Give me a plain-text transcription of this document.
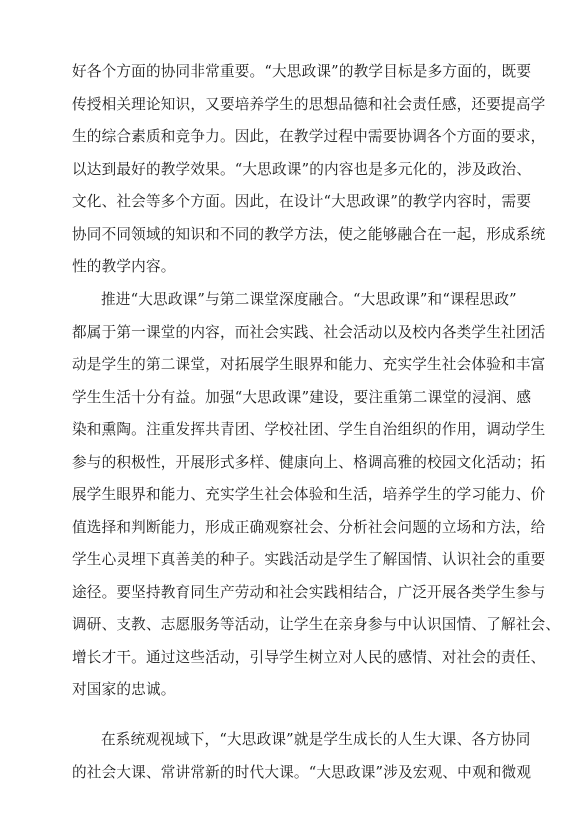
好各个方面的协同非常重要。“大思政课”的教学目标是多方面的，既要
传授相关理论知识，又要培养学生的思想品德和社会责任感，还要提高学
生的综合素质和竞争力。因此，在教学过程中需要协调各个方面的要求，
以达到最好的教学效果。“大思政课”的内容也是多元化的，涉及政治、
文化、社会等多个方面。因此，在设计“大思政课”的教学内容时，需要
协同不同领域的知识和不同的教学方法，使之能够融合在一起，形成系统
性的教学内容。
推进“大思政课”与第二课堂深度融合。“大思政课”和“课程思政”
都属于第一课堂的内容，而社会实践、社会活动以及校内各类学生社团活
动是学生的第二课堂，对拓展学生眼界和能力、充实学生社会体验和丰富
学生生活十分有益。加强“大思政课”建设，要注重第二课堂的浸润、感
染和熏陶。注重发挥共青团、学校社团、学生自治组织的作用，调动学生
参与的积极性，开展形式多样、健康向上、格调高雅的校园文化活动；拓
展学生眼界和能力、充实学生社会体验和生活，培养学生的学习能力、价
值选择和判断能力，形成正确观察社会、分析社会问题的立场和方法，给
学生心灵埋下真善美的种子。实践活动是学生了解国情、认识社会的重要
途径。要坚持教育同生产劳动和社会实践相结合，广泛开展各类学生参与
调研、支教、志愿服务等活动，让学生在亲身参与中认识国情、了解社会、
增长才干。通过这些活动，引导学生树立对人民的感情、对社会的责任、
对国家的忠诚。
在系统观视域下，“大思政课”就是学生成长的人生大课、各方协同
的社会大课、常讲常新的时代大课。“大思政课”涉及宏观、中观和微观
